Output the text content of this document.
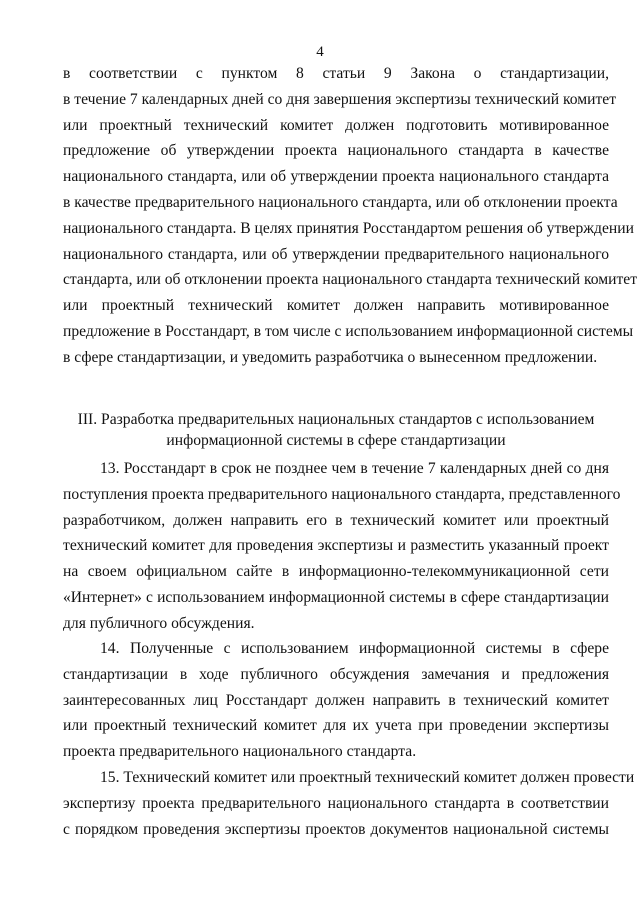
4
в соответствии с пунктом 8 статьи 9 Закона о стандартизации,
в течение 7 календарных дней со дня завершения экспертизы технический комитет
или проектный технический комитет должен подготовить мотивированное
предложение об утверждении проекта национального стандарта в качестве
национального стандарта, или об утверждении проекта национального стандарта
в качестве предварительного национального стандарта, или об отклонении проекта
национального стандарта. В целях принятия Росстандартом решения об утверждении
национального стандарта, или об утверждении предварительного национального
стандарта, или об отклонении проекта национального стандарта технический комитет
или проектный технический комитет должен направить мотивированное
предложение в Росстандарт, в том числе с использованием информационной системы
в сфере стандартизации, и уведомить разработчика о вынесенном предложении.
III. Разработка предварительных национальных стандартов с использованием
информационной системы в сфере стандартизации
13. Росстандарт в срок не позднее чем в течение 7 календарных дней со дня
поступления проекта предварительного национального стандарта, представленного
разработчиком, должен направить его в технический комитет или проектный
технический комитет для проведения экспертизы и разместить указанный проект
на своем официальном сайте в информационно-телекоммуникационной сети
«Интернет» с использованием информационной системы в сфере стандартизации
для публичного обсуждения.
14. Полученные с использованием информационной системы в сфере
стандартизации в ходе публичного обсуждения замечания и предложения
заинтересованных лиц Росстандарт должен направить в технический комитет
или проектный технический комитет для их учета при проведении экспертизы
проекта предварительного национального стандарта.
15. Технический комитет или проектный технический комитет должен провести
экспертизу проекта предварительного национального стандарта в соответствии
с порядком проведения экспертизы проектов документов национальной системы
